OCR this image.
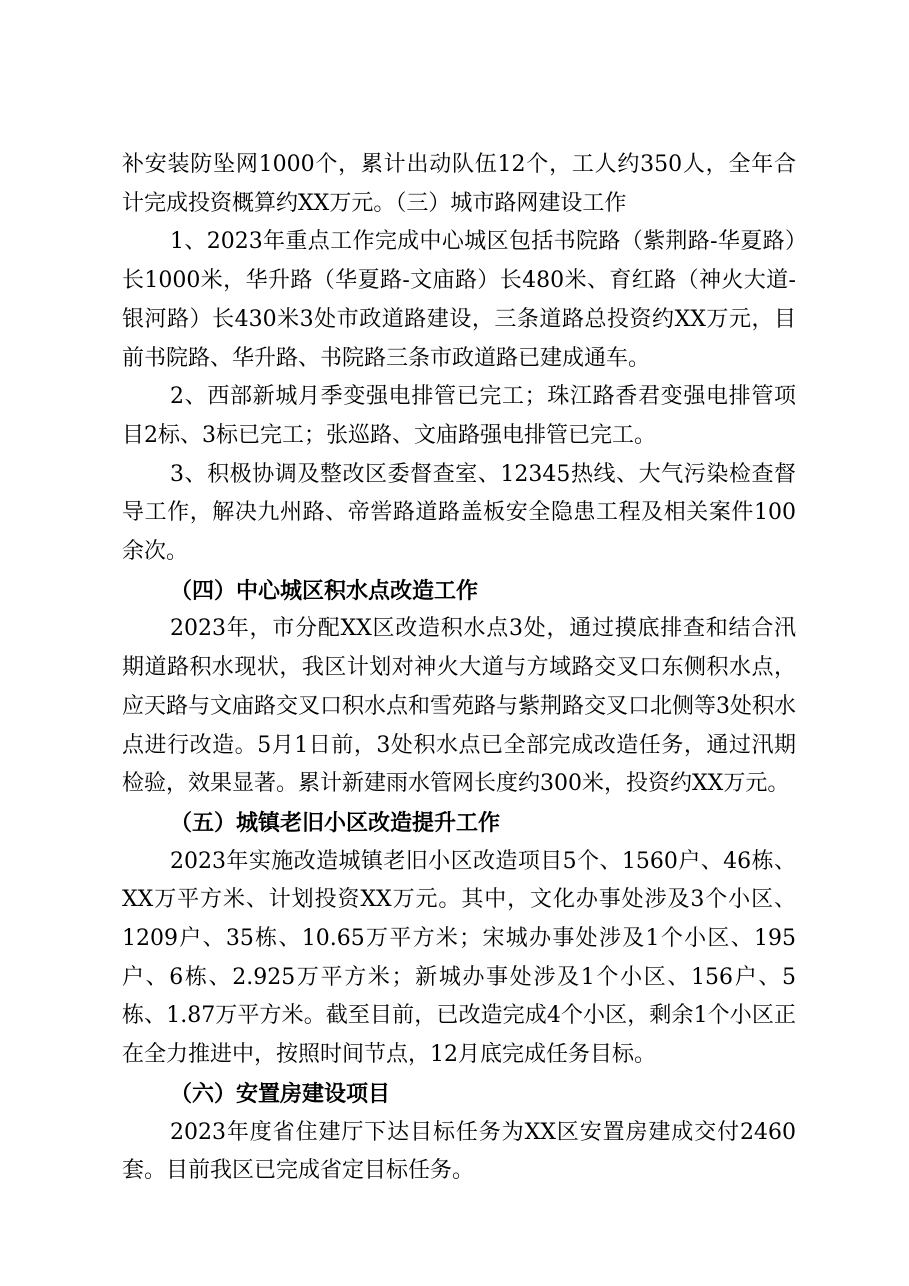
补安装防坠网1000个，累计出动队伍12个，工人约350人，全年合计完成投资概算约XX万元。（三）城市路网建设工作

1、2023年重点工作完成中心城区包括书院路（紫荆路-华夏路）长1000米，华升路（华夏路-文庙路）长480米、育红路（神火大道-银河路）长430米3处市政道路建设，三条道路总投资约XX万元，目前书院路、华升路、书院路三条市政道路已建成通车。

2、西部新城月季变强电排管已完工；珠江路香君变强电排管项目2标、3标已完工；张巡路、文庙路强电排管已完工。

3、积极协调及整改区委督查室、12345热线、大气污染检查督导工作，解决九州路、帝喾路道路盖板安全隐患工程及相关案件100余次。

（四）中心城区积水点改造工作

2023年，市分配XX区改造积水点3处，通过摸底排查和结合汛期道路积水现状，我区计划对神火大道与方域路交叉口东侧积水点，应天路与文庙路交叉口积水点和雪苑路与紫荆路交叉口北侧等3处积水点进行改造。5月1日前，3处积水点已全部完成改造任务，通过汛期检验，效果显著。累计新建雨水管网长度约300米，投资约XX万元。

（五）城镇老旧小区改造提升工作

2023年实施改造城镇老旧小区改造项目5个、1560户、46栋、XX万平方米、计划投资XX万元。其中，文化办事处涉及3个小区、1209户、35栋、10.65万平方米；宋城办事处涉及1个小区、195户、6栋、2.925万平方米；新城办事处涉及1个小区、156户、5栋、1.87万平方米。截至目前，已改造完成4个小区，剩余1个小区正在全力推进中，按照时间节点，12月底完成任务目标。

（六）安置房建设项目

2023年度省住建厅下达目标任务为XX区安置房建成交付2460套。目前我区已完成省定目标任务。
